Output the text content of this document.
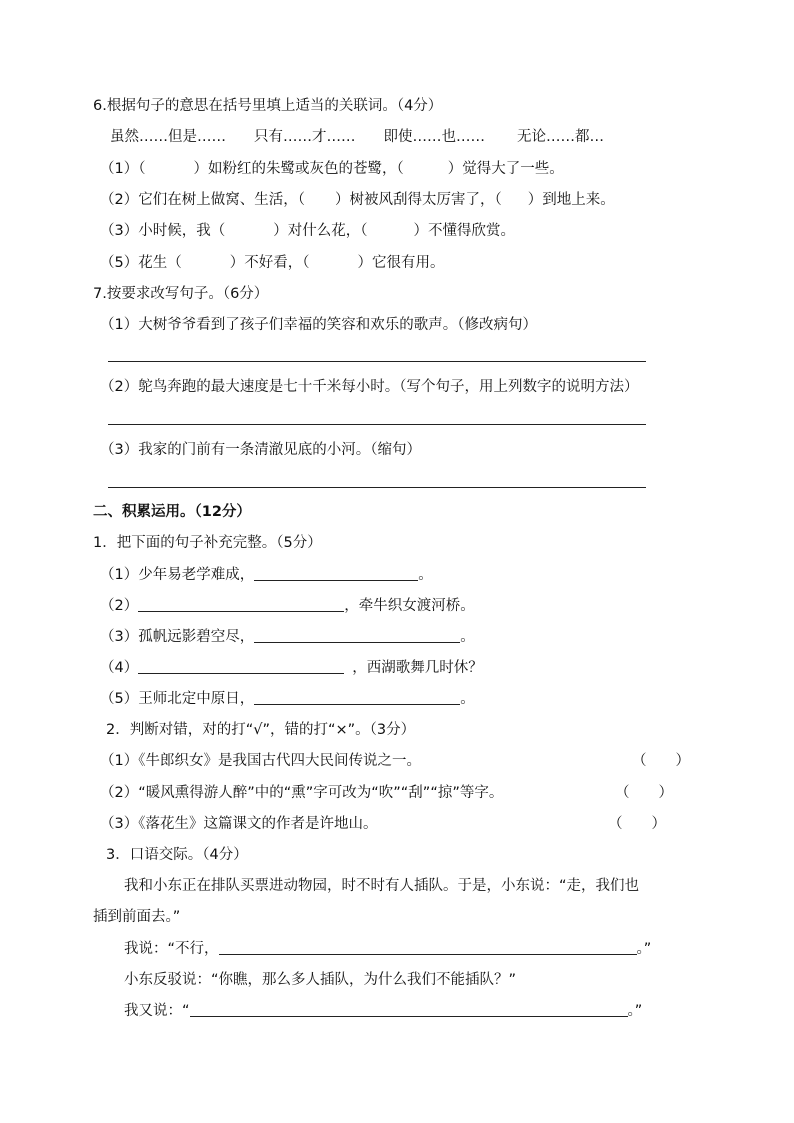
6.根据句子的意思在括号里填上适当的关联词。（4分）
虽然……但是…… 只有……才…… 即使……也…… 无论……都…
（1）（	）如粉红的朱鹭或灰色的苍鹭，（	）觉得大了一些。
（2）它们在树上做窝、生活，（ ）树被风刮得太厉害了，（ ）到地上来。
（3）小时候，我（	）对什么花，（	）不懂得欣赏。
（5）花生（	）不好看，（	）它很有用。
7.按要求改写句子。（6分）
（1）大树爷爷看到了孩子们幸福的笑容和欢乐的歌声。（修改病句）
（2）鸵鸟奔跑的最大速度是七十千米每小时。（写个句子，用上列数字的说明方法）
（3）我家的门前有一条清澈见底的小河。（缩句）
二、积累运用。（12分）
1．把下面的句子补充完整。（5分）
（1）少年易老学难成，	。
（2）	，牵牛织女渡河桥。
（3）孤帆远影碧空尽，	。
（4）	，西湖歌舞几时休？
（5）王师北定中原日，	。
2．判断对错，对的打“√”，错的打“×”。（3分）
（1）《牛郎织女》是我国古代四大民间传说之一。	（　　）
（2）“暖风熏得游人醉”中的“熏”字可改为“吹”“刮”“掠”等字。	（　　）
（3）《落花生》这篇课文的作者是许地山。	（　　）
3．口语交际。（4分）
我和小东正在排队买票进动物园，时不时有人插队。于是，小东说：“走，我们也
插到前面去。”
我说：“不行，	。”
小东反驳说：“你瞧，那么多人插队，为什么我们不能插队？”
我又说：“	。”
